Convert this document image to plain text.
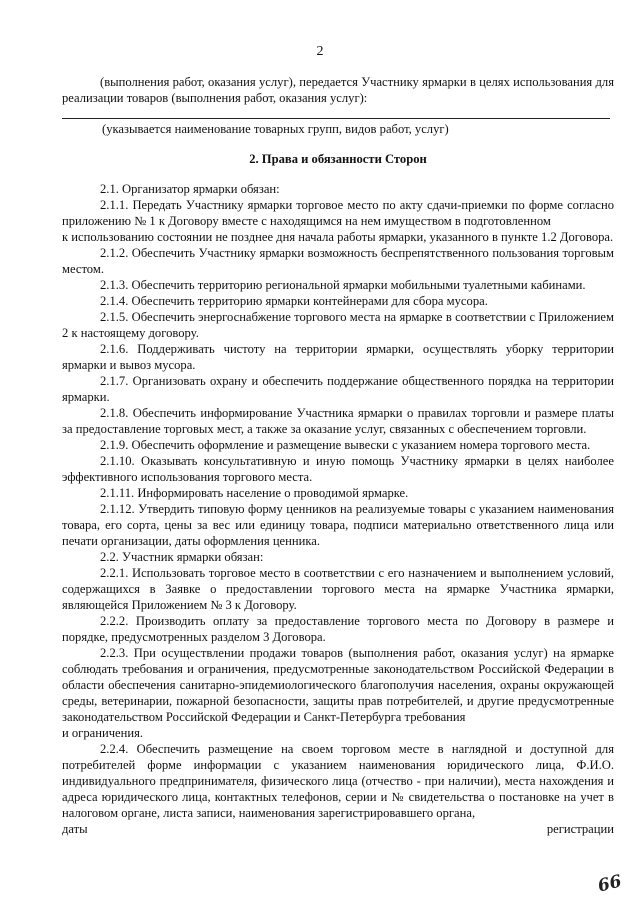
2

(выполнения работ, оказания услуг), передается Участнику ярмарки в целях использования для реализации товаров (выполнения работ, оказания услуг):

(указывается наименование товарных групп, видов работ, услуг)

2. Права и обязанности Сторон

2.1. Организатор ярмарки обязан:

2.1.1. Передать Участнику ярмарки торговое место по акту сдачи-приемки по форме согласно приложению № 1 к Договору вместе с находящимся на нем имуществом в подготовленном

к использованию состоянии не позднее дня начала работы ярмарки, указанного в пункте 1.2 Договора.

2.1.2. Обеспечить Участнику ярмарки возможность беспрепятственного пользования торговым местом.

2.1.3. Обеспечить территорию региональной ярмарки мобильными туалетными кабинами.

2.1.4. Обеспечить территорию ярмарки контейнерами для сбора мусора.

2.1.5. Обеспечить энергоснабжение торгового места на ярмарке в соответствии с Приложением 2 к настоящему договору.

2.1.6. Поддерживать чистоту на территории ярмарки, осуществлять уборку территории ярмарки и вывоз мусора.

2.1.7. Организовать охрану и обеспечить поддержание общественного порядка на территории ярмарки.

2.1.8. Обеспечить информирование Участника ярмарки о правилах торговли и размере платы за предоставление торговых мест, а также за оказание услуг, связанных с обеспечением торговли.

2.1.9. Обеспечить оформление и размещение вывески с указанием номера торгового места.

2.1.10. Оказывать консультативную и иную помощь Участнику ярмарки в целях наиболее эффективного использования торгового места.

2.1.11. Информировать население о проводимой ярмарке.

2.1.12. Утвердить типовую форму ценников на реализуемые товары с указанием наименования товара, его сорта, цены за вес или единицу товара, подписи материально ответственного лица или печати организации, даты оформления ценника.

2.2. Участник ярмарки обязан:

2.2.1. Использовать торговое место в соответствии с его назначением и выполнением условий, содержащихся в Заявке о предоставлении торгового места на ярмарке Участника ярмарки, являющейся Приложением № 3 к Договору.

2.2.2. Производить оплату за предоставление торгового места по Договору в размере и порядке, предусмотренных разделом 3 Договора.

2.2.3. При осуществлении продажи товаров (выполнения работ, оказания услуг) на ярмарке соблюдать требования и ограничения, предусмотренные законодательством Российской Федерации в области обеспечения санитарно-эпидемиологического благополучия населения, охраны окружающей среды, ветеринарии, пожарной безопасности, защиты прав потребителей, и другие предусмотренные законодательством Российской Федерации и Санкт-Петербурга требования

и ограничения.

2.2.4. Обеспечить размещение на своем торговом месте в наглядной и доступной для потребителей форме информации с указанием наименования юридического лица, Ф.И.О. индивидуального предпринимателя, физического лица (отчество - при наличии), места нахождения и адреса юридического лица, контактных телефонов, серии и № свидетельства о постановке на учет в налоговом органе, листа записи, наименования зарегистрировавшего органа,

даты	регистрации
66
